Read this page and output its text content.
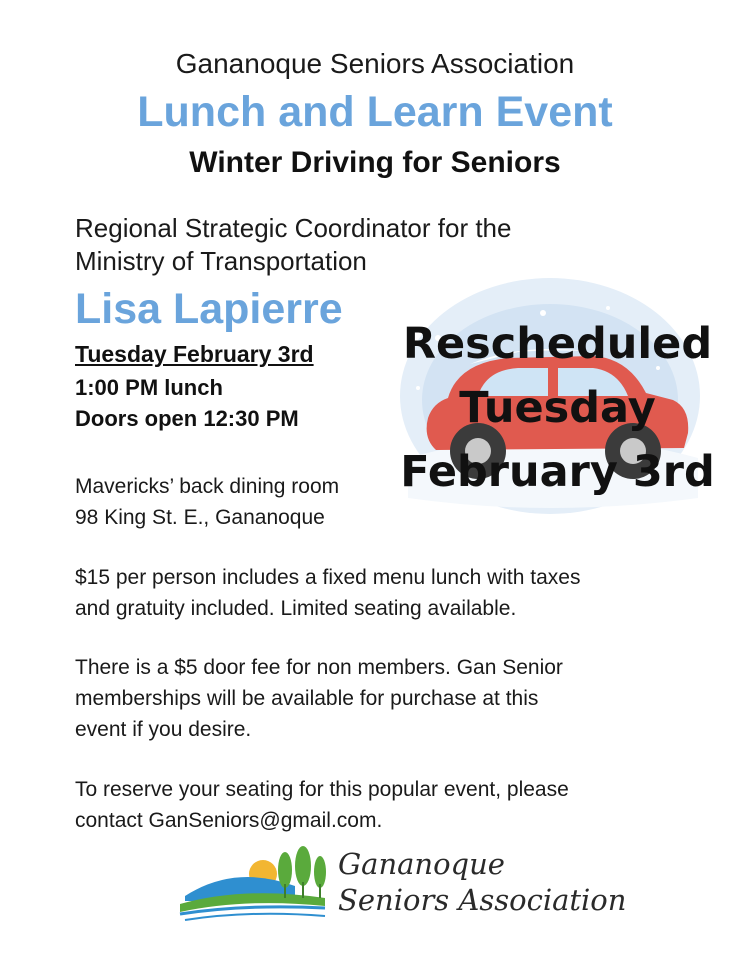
Gananoque Seniors Association
Lunch and Learn Event
Winter Driving for Seniors
Regional Strategic Coordinator for the
Ministry of Transportation
Lisa Lapierre
Tuesday February 3rd
1:00 PM lunch
Doors open 12:30 PM
Rescheduled
Tuesday
February 3rd
Mavericks’ back dining room
98 King St. E., Gananoque
$15 per person includes a fixed menu lunch with taxes
and gratuity included. Limited seating available.
There is a $5 door fee for non members. Gan Senior
memberships will be available for purchase at this
event if you desire.
To reserve your seating for this popular event, please
contact GanSeniors@gmail.com.
Gananoque
Seniors Association
